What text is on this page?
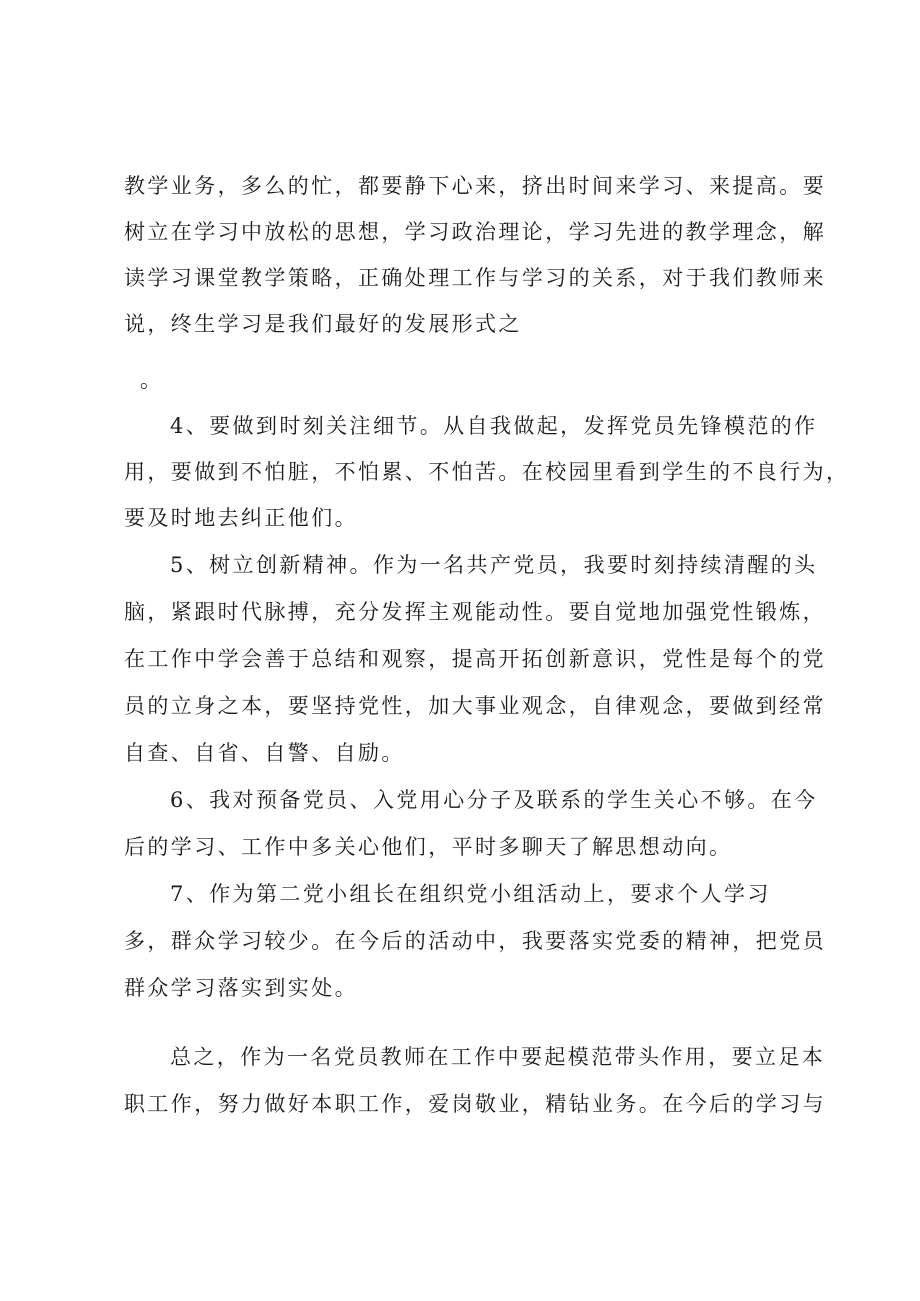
教学业务，多么的忙，都要静下心来，挤出时间来学习、来提高。要
树立在学习中放松的思想，学习政治理论，学习先进的教学理念，解
读学习课堂教学策略，正确处理工作与学习的关系，对于我们教师来
说，终生学习是我们最好的发展形式之
。
4、要做到时刻关注细节。从自我做起，发挥党员先锋模范的作
用，要做到不怕脏，不怕累、不怕苦。在校园里看到学生的不良行为，
要及时地去纠正他们。
5、树立创新精神。作为一名共产党员，我要时刻持续清醒的头
脑，紧跟时代脉搏，充分发挥主观能动性。要自觉地加强党性锻炼，
在工作中学会善于总结和观察，提高开拓创新意识，党性是每个的党
员的立身之本，要坚持党性，加大事业观念，自律观念，要做到经常
自查、自省、自警、自励。
6、我对预备党员、入党用心分子及联系的学生关心不够。在今
后的学习、工作中多关心他们，平时多聊天了解思想动向。
7、作为第二党小组长在组织党小组活动上，要求个人学习
多，群众学习较少。在今后的活动中，我要落实党委的精神，把党员
群众学习落实到实处。
总之，作为一名党员教师在工作中要起模范带头作用，要立足本
职工作，努力做好本职工作，爱岗敬业，精钻业务。在今后的学习与
